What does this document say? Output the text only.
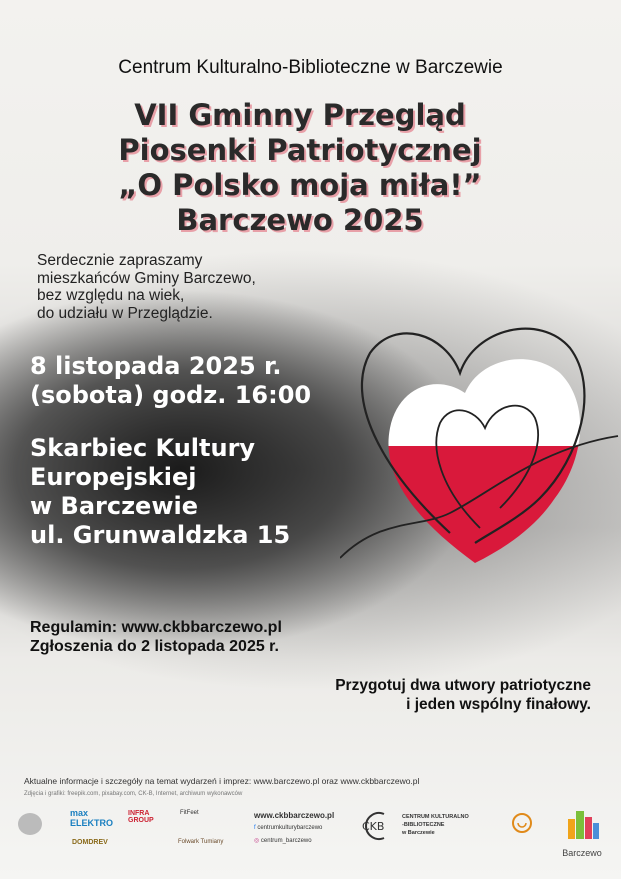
Centrum Kulturalno-Biblioteczne w Barczewie
VII Gminny Przegląd
Piosenki Patriotycznej
„O Polsko moja miła!”
Barczewo 2025
Serdecznie zapraszamy
mieszkańców Gminy Barczewo,
bez względu na wiek,
do udziału w Przeglądzie.
8 listopada 2025 r.
(sobota) godz. 16:00
Skarbiec Kultury
Europejskiej
w Barczewie
ul. Grunwaldzka 15
Regulamin: www.ckbbarczewo.pl
Zgłoszenia do 2 listopada 2025 r.
Przygotuj dwa utwory patriotyczne
i jeden wspólny finałowy.
Aktualne informacje i szczegóły na temat wydarzeń i imprez: www.barczewo.pl oraz www.ckbbarczewo.pl
Zdjęcia i grafiki: freepik.com, pixabay.com, CK-B, Internet, archiwum wykonawców
max ELEKTRO
INFRA GROUP
FitFeet
DOMDREV	Folwark Tumiany
www.ckbbarczewo.pl
f centrumkulturybarczewo
◎ centrum_barczewo
CKB
CENTRUM KULTURALNO
-BIBLIOTECZNE
w Barczewie
Barczewo
